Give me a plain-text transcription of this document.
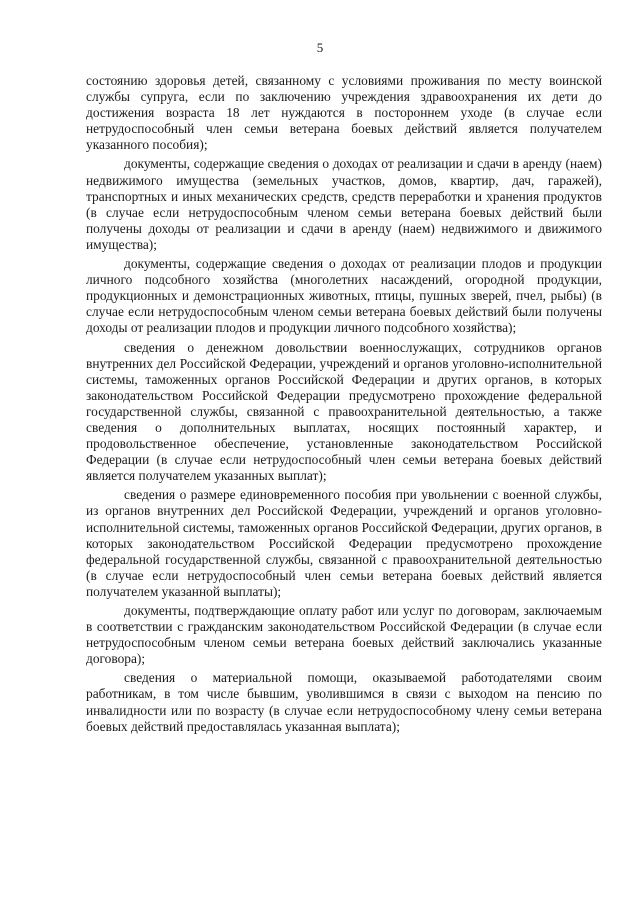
5

состоянию здоровья детей, связанному с условиями проживания по месту воинской службы супруга, если по заключению учреждения здравоохранения их дети до достижения возраста 18 лет нуждаются в постороннем уходе (в случае если нетрудоспособный член семьи ветерана боевых действий является получателем указанного пособия);

документы, содержащие сведения о доходах от реализации и сдачи в аренду (наем) недвижимого имущества (земельных участков, домов, квартир, дач, гаражей), транспортных и иных механических средств, средств переработки и хранения продуктов (в случае если нетрудоспособным членом семьи ветерана боевых действий были получены доходы от реализации и сдачи в аренду (наем) недвижимого и движимого имущества);

документы, содержащие сведения о доходах от реализации плодов и продукции личного подсобного хозяйства (многолетних насаждений, огородной продукции, продукционных и демонстрационных животных, птицы, пушных зверей, пчел, рыбы) (в случае если нетрудоспособным членом семьи ветерана боевых действий были получены доходы от реализации плодов и продукции личного подсобного хозяйства);

сведения о денежном довольствии военнослужащих, сотрудников органов внутренних дел Российской Федерации, учреждений и органов уголовно-исполнительной системы, таможенных органов Российской Федерации и других органов, в которых законодательством Российской Федерации предусмотрено прохождение федеральной государственной службы, связанной с правоохранительной деятельностью, а также сведения о дополнительных выплатах, носящих постоянный характер, и продовольственное обеспечение, установленные законодательством Российской Федерации (в случае если нетрудоспособный член семьи ветерана боевых действий является получателем указанных выплат);

сведения о размере единовременного пособия при увольнении с военной службы, из органов внутренних дел Российской Федерации, учреждений и органов уголовно-исполнительной системы, таможенных органов Российской Федерации, других органов, в которых законодательством Российской Федерации предусмотрено прохождение федеральной государственной службы, связанной с правоохранительной деятельностью (в случае если нетрудоспособный член семьи ветерана боевых действий является получателем указанной выплаты);

документы, подтверждающие оплату работ или услуг по договорам, заключаемым в соответствии с гражданским законодательством Российской Федерации (в случае если нетрудоспособным членом семьи ветерана боевых действий заключались указанные договора);

сведения о материальной помощи, оказываемой работодателями своим работникам, в том числе бывшим, уволившимся в связи с выходом на пенсию по инвалидности или по возрасту (в случае если нетрудоспособному члену семьи ветерана боевых действий предоставлялась указанная выплата);
